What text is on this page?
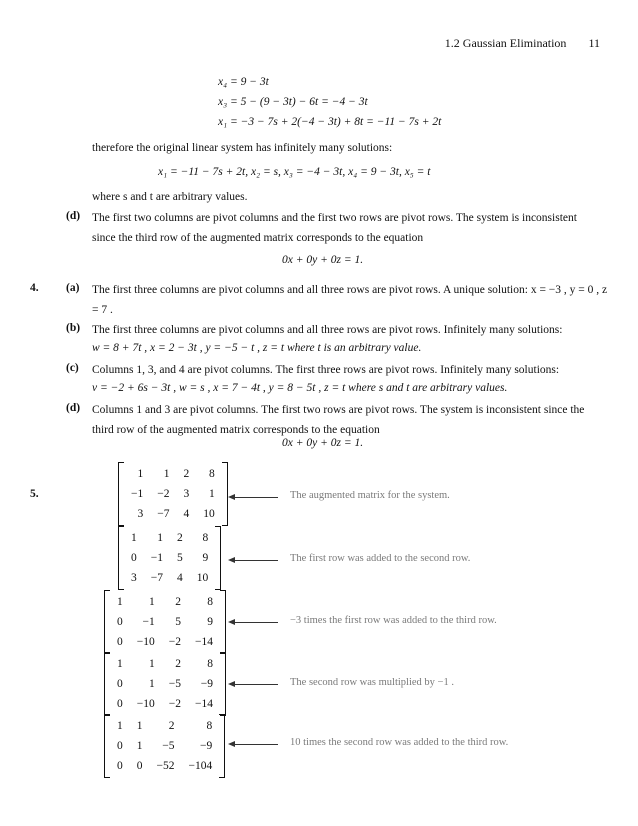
1.2 Gaussian Elimination 11
x₄ = 9 − 3t
x₃ = 5 − (9 − 3t) − 6t = −4 − 3t
x₁ = −3 − 7s + 2(−4 − 3t) + 8t = −11 − 7s + 2t
therefore the original linear system has infinitely many solutions:
x₁ = −11 − 7s + 2t, x₂ = s, x₃ = −4 − 3t, x₄ = 9 − 3t, x₅ = t
where s and t are arbitrary values.
(d) The first two columns are pivot columns and the first two rows are pivot rows. The system is inconsistent since the third row of the augmented matrix corresponds to the equation
0x + 0y + 0z = 1.
4. (a) The first three columns are pivot columns and all three rows are pivot rows. A unique solution: x = −3 , y = 0 , z = 7 .
(b) The first three columns are pivot columns and all three rows are pivot rows. Infinitely many solutions:
w = 8 + 7t , x = 2 − 3t , y = −5 − t , z = t where t is an arbitrary value.
(c) Columns 1, 3, and 4 are pivot columns. The first three rows are pivot rows. Infinitely many solutions:
v = −2 + 6s − 3t , w = s , x = 7 − 4t , y = 8 − 5t , z = t where s and t are arbitrary values.
(d) Columns 1 and 3 are pivot columns. The first two rows are pivot rows. The system is inconsistent since the third row of the augmented matrix corresponds to the equation
0x + 0y + 0z = 1.
5.
1	1	2	8
−1	−2	3	1
3	−7	4	10
The augmented matrix for the system.
1	1	2	8
0	−1	5	9
3	−7	4	10
The first row was added to the second row.
1	1	2	8
0	−1	5	9
0	−10	−2	−14
−3 times the first row was added to the third row.
1	1	2	8
0	1	−5	−9
0	−10	−2	−14
The second row was multiplied by −1 .
1	1	2	8
0	1	−5	−9
0	0	−52	−104
10 times the second row was added to the third row.
